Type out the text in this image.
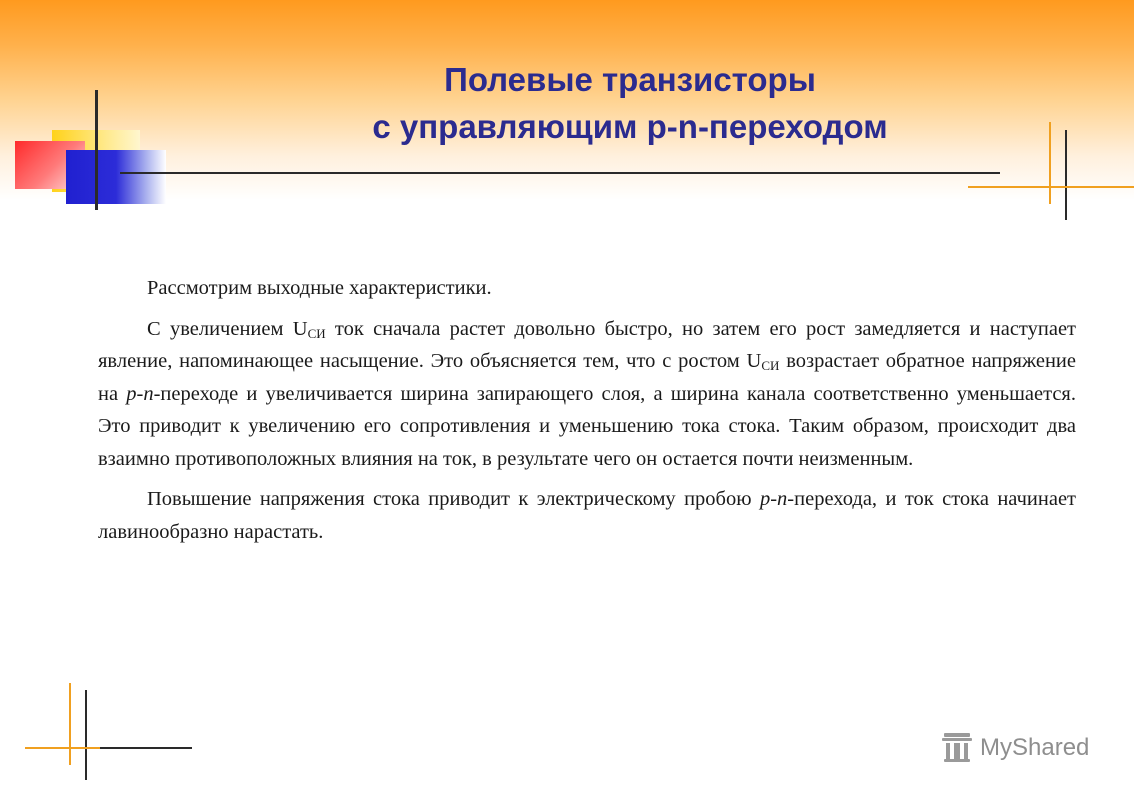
Полевые транзисторы
с управляющим p-n-переходом

Рассмотрим выходные характеристики.

С увеличением $U_{СИ}$ ток сначала растет довольно быстро, но затем его рост замедляется и наступает явление, напоминающее насыщение. Это объясняется тем, что с ростом $U_{СИ}$ возрастает обратное напряжение на p-n-переходе и увеличивается ширина запирающего слоя, а ширина канала соответственно уменьшается. Это приводит к увеличению его сопротивления и уменьшению тока стока. Таким образом, происходит два взаимно противоположных влияния на ток, в результате чего он остается почти неизменным.

Повышение напряжения стока приводит к электрическому пробою p-n-перехода, и ток стока начинает лавинообразно нарастать.

MyShared
